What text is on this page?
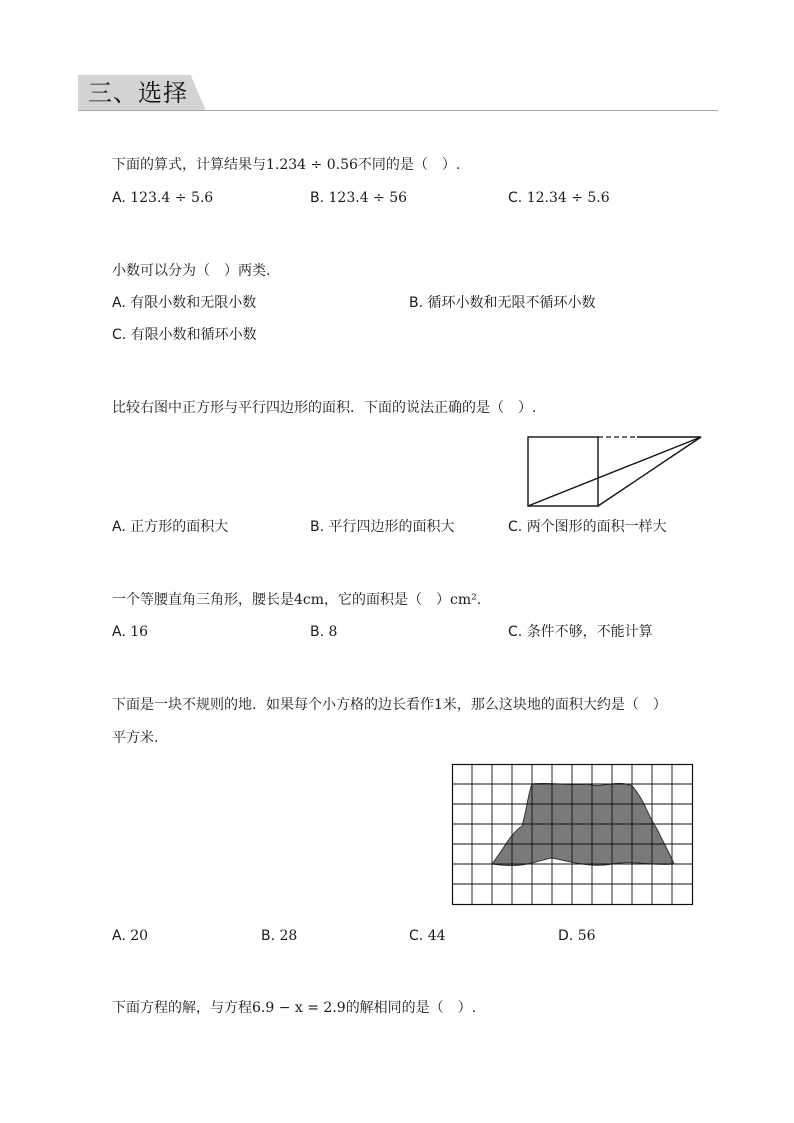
三、选择
下面的算式，计算结果与1.234 ÷ 0.56不同的是（　）.
A. 123.4 ÷ 5.6	B. 123.4 ÷ 56	C. 12.34 ÷ 5.6
小数可以分为（　）两类.
A. 有限小数和无限小数	B. 循环小数和无限不循环小数
C. 有限小数和循环小数
比较右图中正方形与平行四边形的面积．下面的说法正确的是（　）.
A. 正方形的面积大	B. 平行四边形的面积大	C. 两个图形的面积一样大
一个等腰直角三角形，腰长是4cm，它的面积是（　）cm².
A. 16	B. 8	C. 条件不够，不能计算
下面是一块不规则的地．如果每个小方格的边长看作1米，那么这块地的面积大约是（　）
平方米.
A. 20	B. 28	C. 44	D. 56
下面方程的解，与方程6.9 − x = 2.9的解相同的是（　）.
